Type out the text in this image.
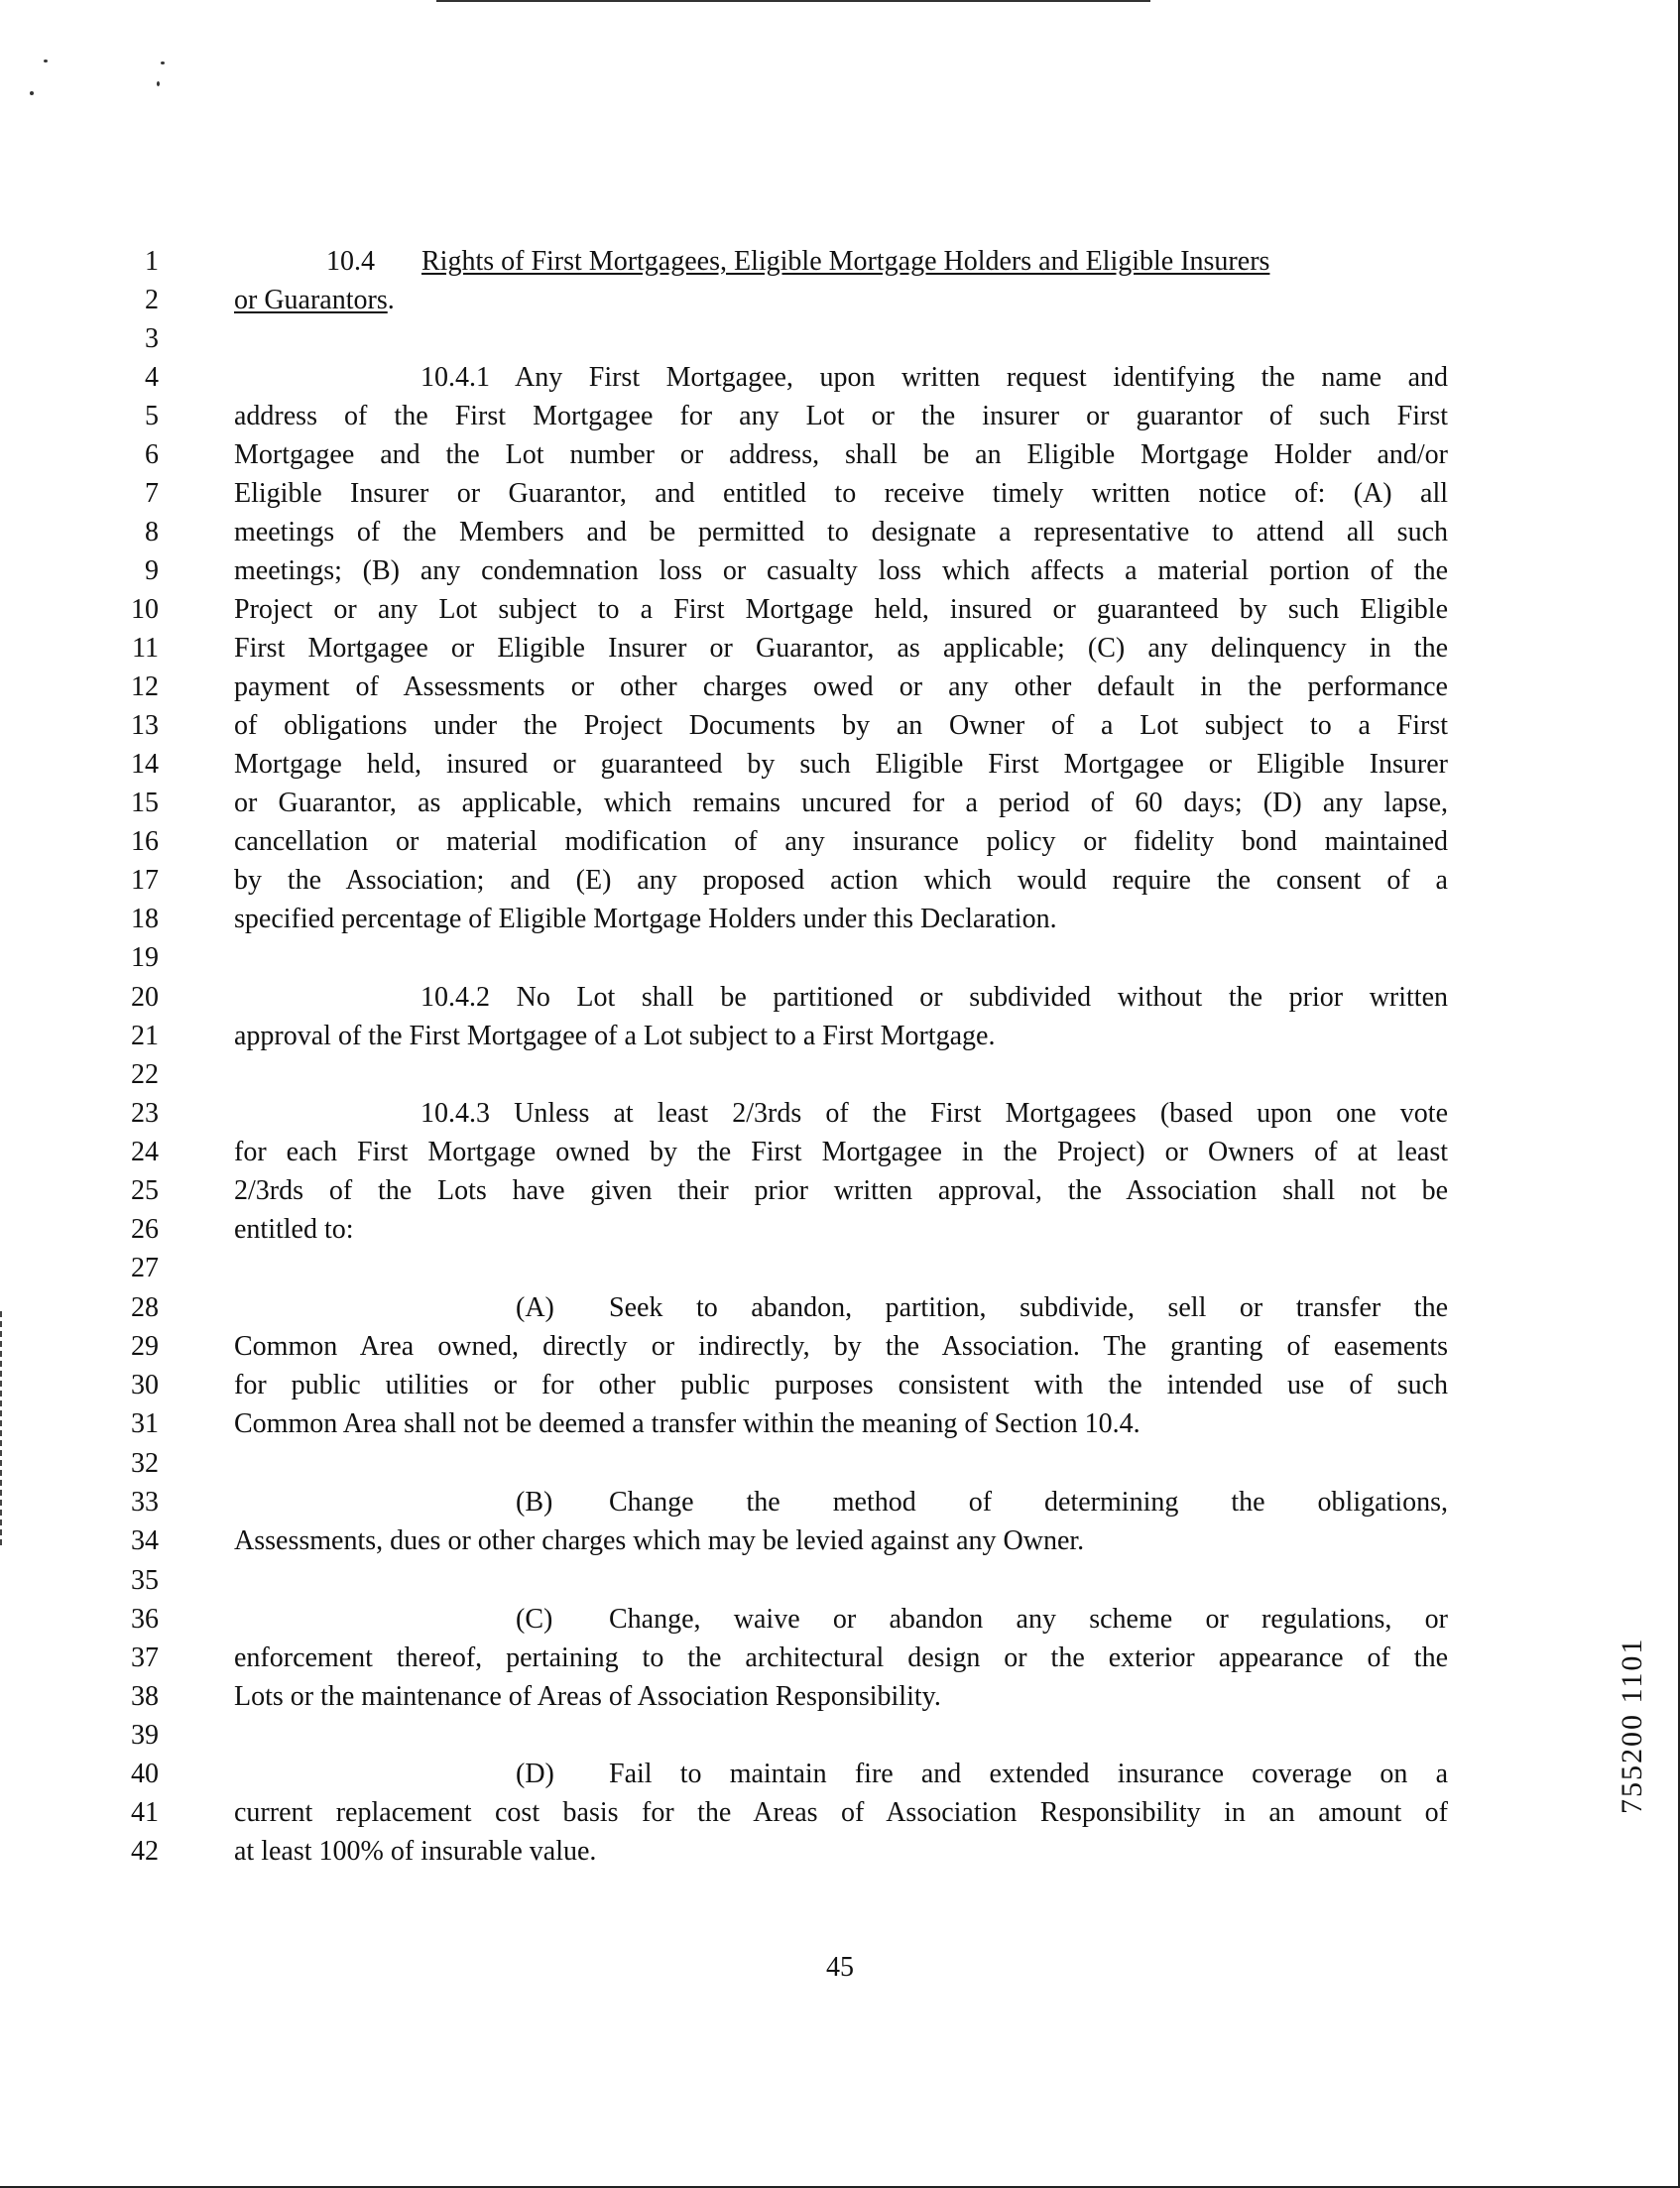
1
2
3
4
5
6
7
8
9
10
11
12
13
14
15
16
17
18
19
20
21
22
23
24
25
26
27
28
29
30
31
32
33
34
35
36
37
38
39
40
41
42
10.4 Rights of First Mortgagees, Eligible Mortgage Holders and Eligible Insurers
or Guarantors.
10.4.1 Any First Mortgagee, upon written request identifying the name and
address of the First Mortgagee for any Lot or the insurer or guarantor of such First
Mortgagee and the Lot number or address, shall be an Eligible Mortgage Holder and/or
Eligible Insurer or Guarantor, and entitled to receive timely written notice of: (A) all
meetings of the Members and be permitted to designate a representative to attend all such
meetings; (B) any condemnation loss or casualty loss which affects a material portion of the
Project or any Lot subject to a First Mortgage held, insured or guaranteed by such Eligible
First Mortgagee or Eligible Insurer or Guarantor, as applicable; (C) any delinquency in the
payment of Assessments or other charges owed or any other default in the performance
of obligations under the Project Documents by an Owner of a Lot subject to a First
Mortgage held, insured or guaranteed by such Eligible First Mortgagee or Eligible Insurer
or Guarantor, as applicable, which remains uncured for a period of 60 days; (D) any lapse,
cancellation or material modification of any insurance policy or fidelity bond maintained
by the Association; and (E) any proposed action which would require the consent of a
specified percentage of Eligible Mortgage Holders under this Declaration.
10.4.2 No Lot shall be partitioned or subdivided without the prior written
approval of the First Mortgagee of a Lot subject to a First Mortgage.
10.4.3 Unless at least 2/3rds of the First Mortgagees (based upon one vote
for each First Mortgage owned by the First Mortgagee in the Project) or Owners of at least
2/3rds of the Lots have given their prior written approval, the Association shall not be
entitled to:
(A) Seek to abandon, partition, subdivide, sell or transfer the
Common Area owned, directly or indirectly, by the Association. The granting of easements
for public utilities or for other public purposes consistent with the intended use of such
Common Area shall not be deemed a transfer within the meaning of Section 10.4.
(B) Change the method of determining the obligations,
Assessments, dues or other charges which may be levied against any Owner.
(C) Change, waive or abandon any scheme or regulations, or
enforcement thereof, pertaining to the architectural design or the exterior appearance of the
Lots or the maintenance of Areas of Association Responsibility.
(D) Fail to maintain fire and extended insurance coverage on a
current replacement cost basis for the Areas of Association Responsibility in an amount of
at least 100% of insurable value.
45
755200 1101
